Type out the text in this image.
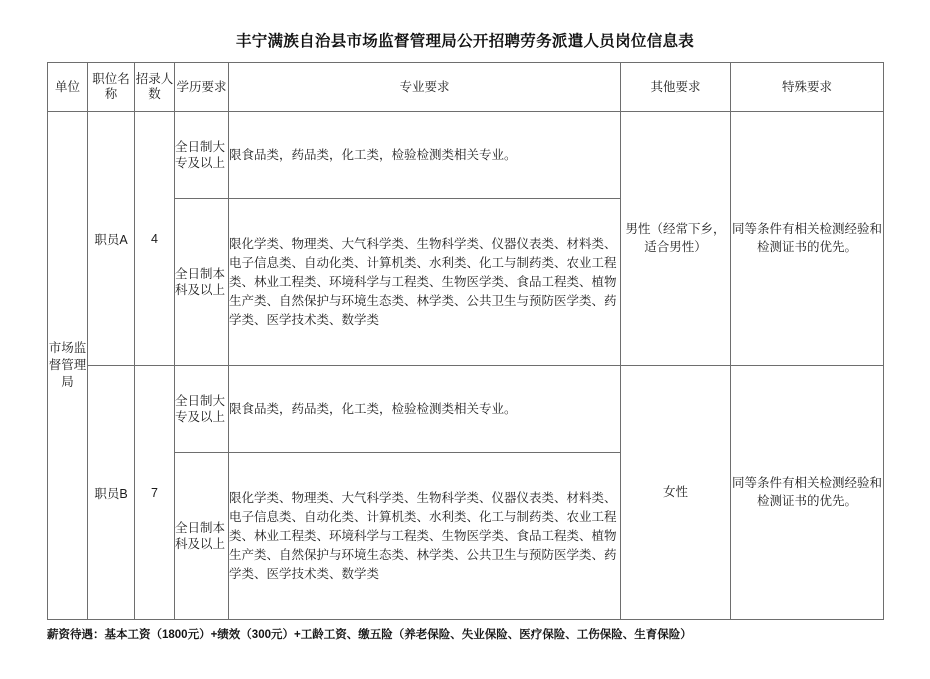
丰宁满族自治县市场监督管理局公开招聘劳务派遣人员岗位信息表
单位	职位名称	招录人数	学历要求	专业要求	其他要求	特殊要求
市场监督管理局	职员A	4	全日制大专及以上	限食品类，药品类，化工类，检验检测类相关专业。	男性（经常下乡，适合男性）	同等条件有相关检测经验和检测证书的优先。
			全日制本科及以上	限化学类、物理类、大气科学类、生物科学类、仪器仪表类、材料类、电子信息类、自动化类、计算机类、水利类、化工与制药类、农业工程类、林业工程类、环境科学与工程类、生物医学类、食品工程类、植物生产类、自然保护与环境生态类、林学类、公共卫生与预防医学类、药学类、医学技术类、数学类		
	职员B	7	全日制大专及以上	限食品类，药品类，化工类，检验检测类相关专业。	女性	同等条件有相关检测经验和检测证书的优先。
			全日制本科及以上	限化学类、物理类、大气科学类、生物科学类、仪器仪表类、材料类、电子信息类、自动化类、计算机类、水利类、化工与制药类、农业工程类、林业工程类、环境科学与工程类、生物医学类、食品工程类、植物生产类、自然保护与环境生态类、林学类、公共卫生与预防医学类、药学类、医学技术类、数学类		
薪资待遇：基本工资（1800元）+绩效（300元）+工龄工资、缴五险（养老保险、失业保险、医疗保险、工伤保险、生育保险）
